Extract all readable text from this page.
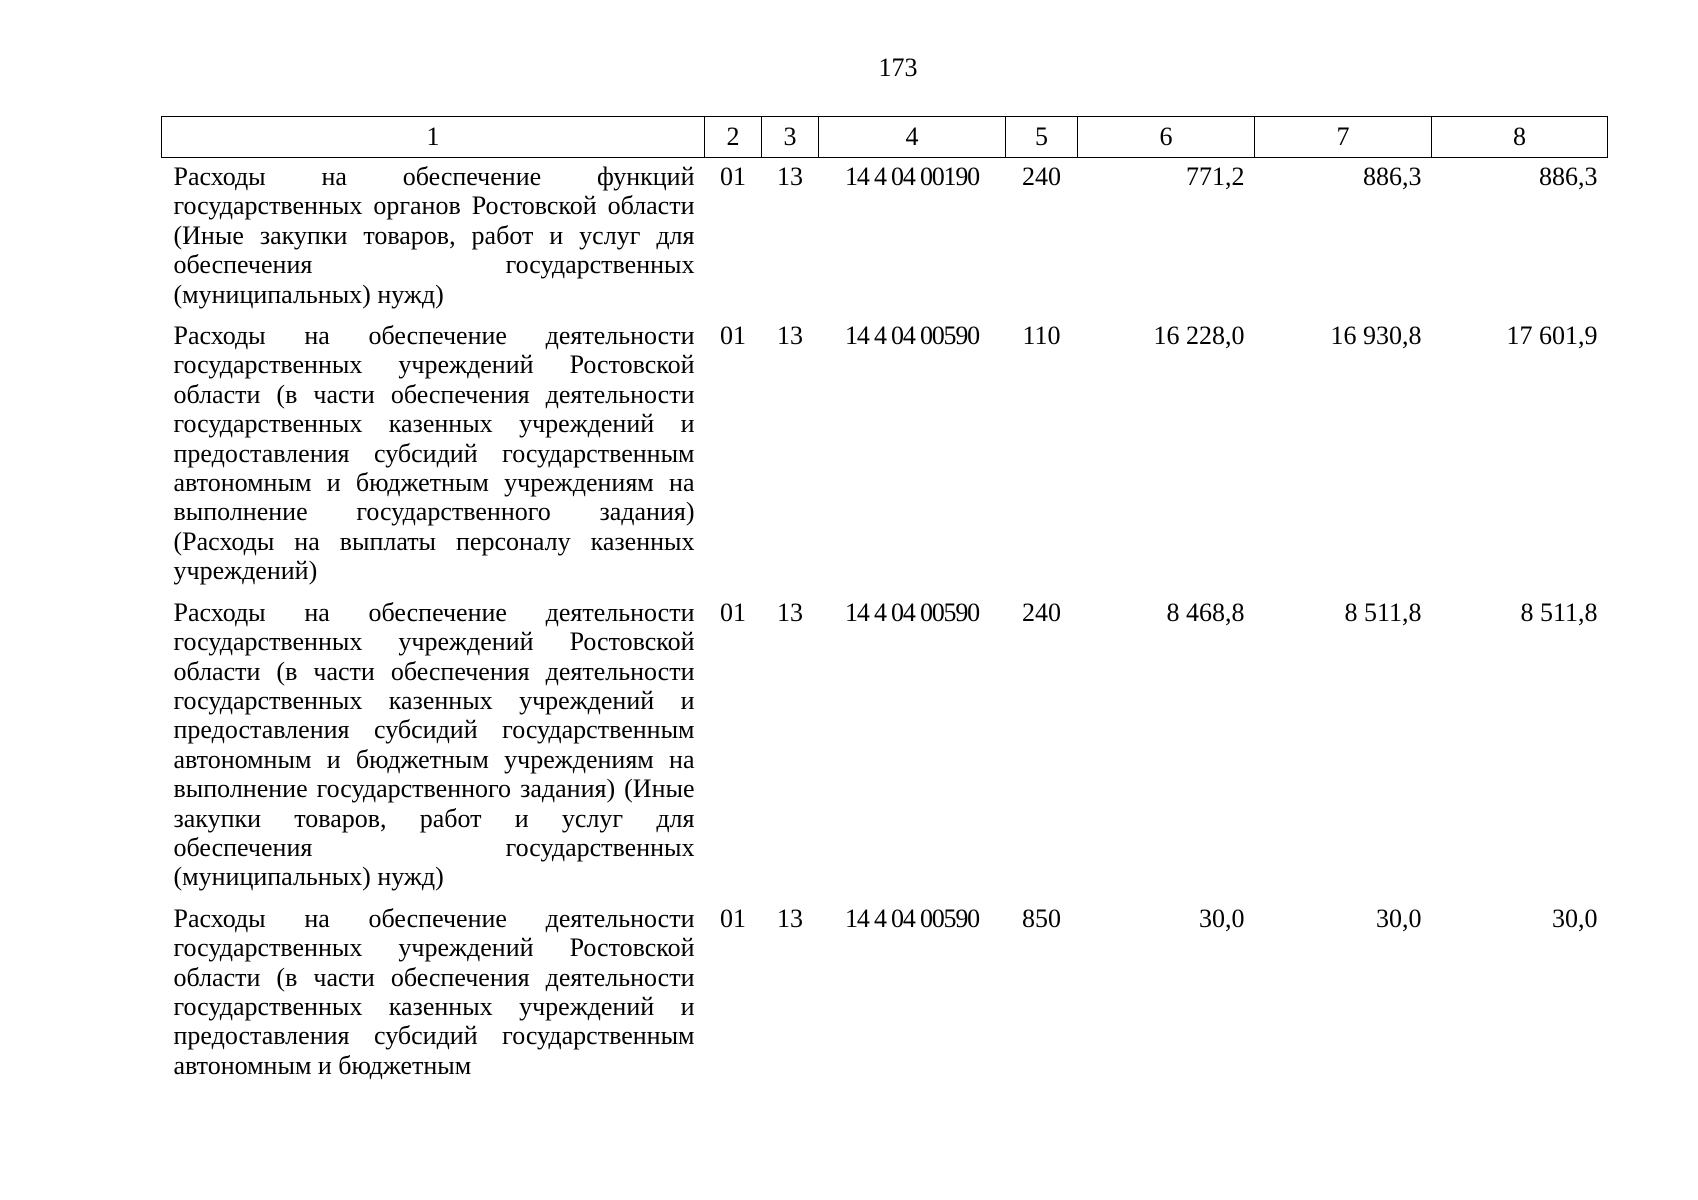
173
1	2	3	4	5	6	7	8
Расходы на обеспечение функций государственных органов Ростовской области (Иные закупки товаров, работ и услуг для обеспечения государственных (муниципальных) нужд)	01	13	14 4 04 00190	240	771,2	886,3	886,3
Расходы на обеспечение деятельности государственных учреждений Ростовской области (в части обеспечения деятельности государственных казенных учреждений и предоставления субсидий государственным автономным и бюджетным учреждениям на выполнение государственного задания) (Расходы на выплаты персоналу казенных учреждений)	01	13	14 4 04 00590	110	16 228,0	16 930,8	17 601,9
Расходы на обеспечение деятельности государственных учреждений Ростовской области (в части обеспечения деятельности государственных казенных учреждений и предоставления субсидий государственным автономным и бюджетным учреждениям на выполнение государственного задания) (Иные закупки товаров, работ и услуг для обеспечения государственных (муниципальных) нужд)	01	13	14 4 04 00590	240	8 468,8	8 511,8	8 511,8

Расходы на обеспечение деятельности государственных учреждений Ростовской области (в части обеспечения деятельности государственных казенных учреждений и предоставления субсидий государственным автономным и бюджетным	01	13	14 4 04 00590	850	30,0	30,0	30,0
